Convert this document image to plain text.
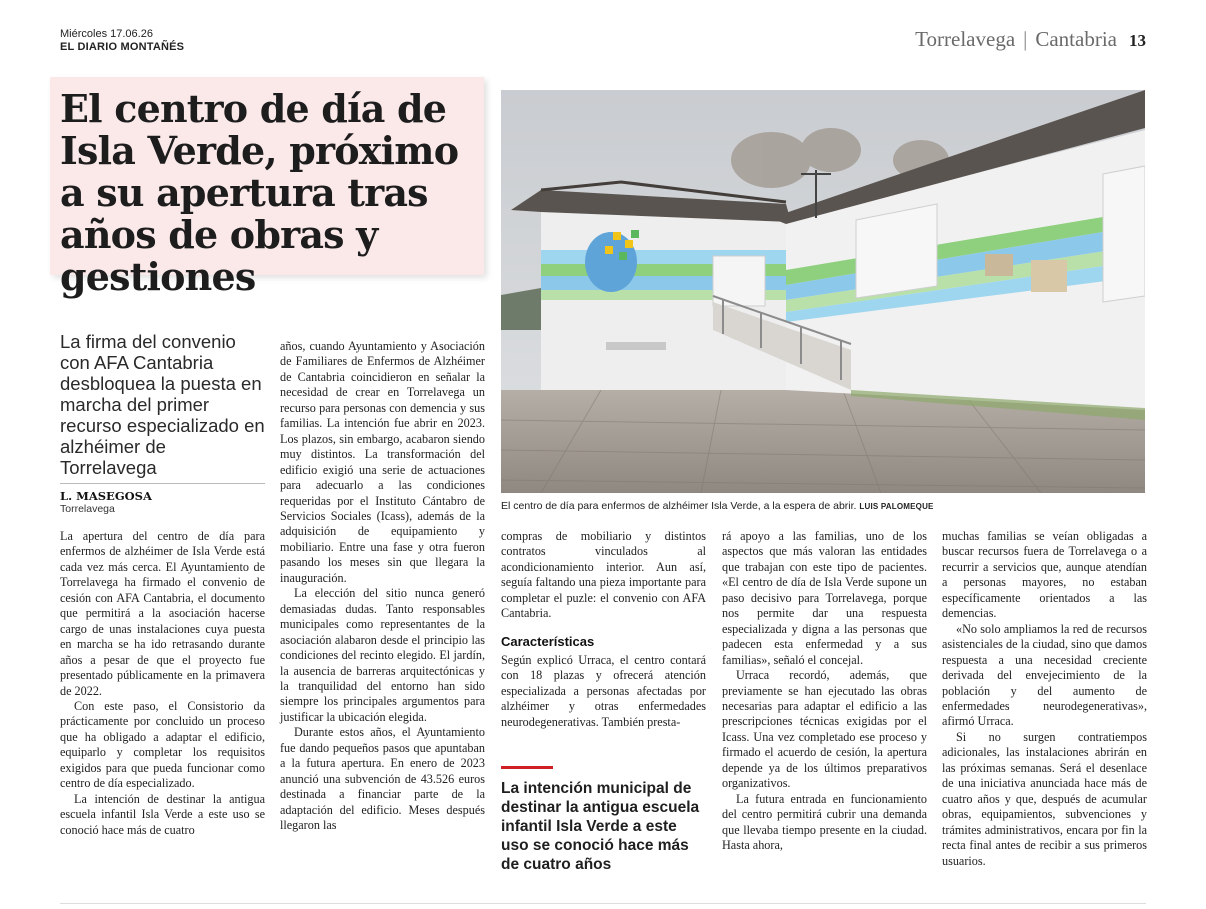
Miércoles 17.06.26
EL DIARIO MONTAÑÉS	Torrelavega | Cantabria 13
El centro de día de Isla Verde, próximo a su apertura tras años de obras y gestiones
El centro de día para enfermos de alzhéimer Isla Verde, a la espera de abrir. LUIS PALOMEQUE

La firma del convenio con AFA Cantabria desbloquea la puesta en marcha del primer recurso especializado en alzhéimer de Torrelavega

L. MASEGOSA
Torrelavega

La apertura del centro de día para enfermos de alzhéimer de Isla Verde está cada vez más cerca. El Ayuntamiento de Torrelavega ha firmado el convenio de cesión con AFA Cantabria, el documento que permitirá a la asociación hacerse cargo de unas instalaciones cuya puesta en marcha se ha ido retrasando durante años a pesar de que el proyecto fue presentado públicamente en la primavera de 2022.

Con este paso, el Consistorio da prácticamente por concluido un proceso que ha obligado a adaptar el edificio, equiparlo y completar los requisitos exigidos para que pueda funcionar como centro de día especializado.

La intención de destinar la antigua escuela infantil Isla Verde a este uso se conoció hace más de cuatro

años, cuando Ayuntamiento y Asociación de Familiares de Enfermos de Alzhéimer de Cantabria coincidieron en señalar la necesidad de crear en Torrelavega un recurso para personas con demencia y sus familias. La intención fue abrir en 2023. Los plazos, sin embargo, acabaron siendo muy distintos. La transformación del edificio exigió una serie de actuaciones para adecuarlo a las condiciones requeridas por el Instituto Cántabro de Servicios Sociales (Icass), además de la adquisición de equipamiento y mobiliario. Entre una fase y otra fueron pasando los meses sin que llegara la inauguración.

La elección del sitio nunca generó demasiadas dudas. Tanto responsables municipales como representantes de la asociación alabaron desde el principio las condiciones del recinto elegido. El jardín, la ausencia de barreras arquitectónicas y la tranquilidad del entorno han sido siempre los principales argumentos para justificar la ubicación elegida.

Durante estos años, el Ayuntamiento fue dando pequeños pasos que apuntaban a la futura apertura. En enero de 2023 anunció una subvención de 43.526 euros destinada a financiar parte de la adaptación del edificio. Meses después llegaron las

compras de mobiliario y distintos contratos vinculados al acondicionamiento interior. Aun así, seguía faltando una pieza importante para completar el puzle: el convenio con AFA Cantabria.

Características

Según explicó Urraca, el centro contará con 18 plazas y ofrecerá atención especializada a personas afectadas por alzhéimer y otras enfermedades neurodegenerativas. También presta-

La intención municipal de destinar la antigua escuela infantil Isla Verde a este uso se conoció hace más de cuatro años

rá apoyo a las familias, uno de los aspectos que más valoran las entidades que trabajan con este tipo de pacientes. «El centro de día de Isla Verde supone un paso decisivo para Torrelavega, porque nos permite dar una respuesta especializada y digna a las personas que padecen esta enfermedad y a sus familias», señaló el concejal.

Urraca recordó, además, que previamente se han ejecutado las obras necesarias para adaptar el edificio a las prescripciones técnicas exigidas por el Icass. Una vez completado ese proceso y firmado el acuerdo de cesión, la apertura depende ya de los últimos preparativos organizativos.

La futura entrada en funcionamiento del centro permitirá cubrir una demanda que llevaba tiempo presente en la ciudad. Hasta ahora,

muchas familias se veían obligadas a buscar recursos fuera de Torrelavega o a recurrir a servicios que, aunque atendían a personas mayores, no estaban específicamente orientados a las demencias.

«No solo ampliamos la red de recursos asistenciales de la ciudad, sino que damos respuesta a una necesidad creciente derivada del envejecimiento de la población y del aumento de enfermedades neurodegenerativas», afirmó Urraca.

Si no surgen contratiempos adicionales, las instalaciones abrirán en las próximas semanas. Será el desenlace de una iniciativa anunciada hace más de cuatro años y que, después de acumular obras, equipamientos, subvenciones y trámites administrativos, encara por fin la recta final antes de recibir a sus primeros usuarios.
